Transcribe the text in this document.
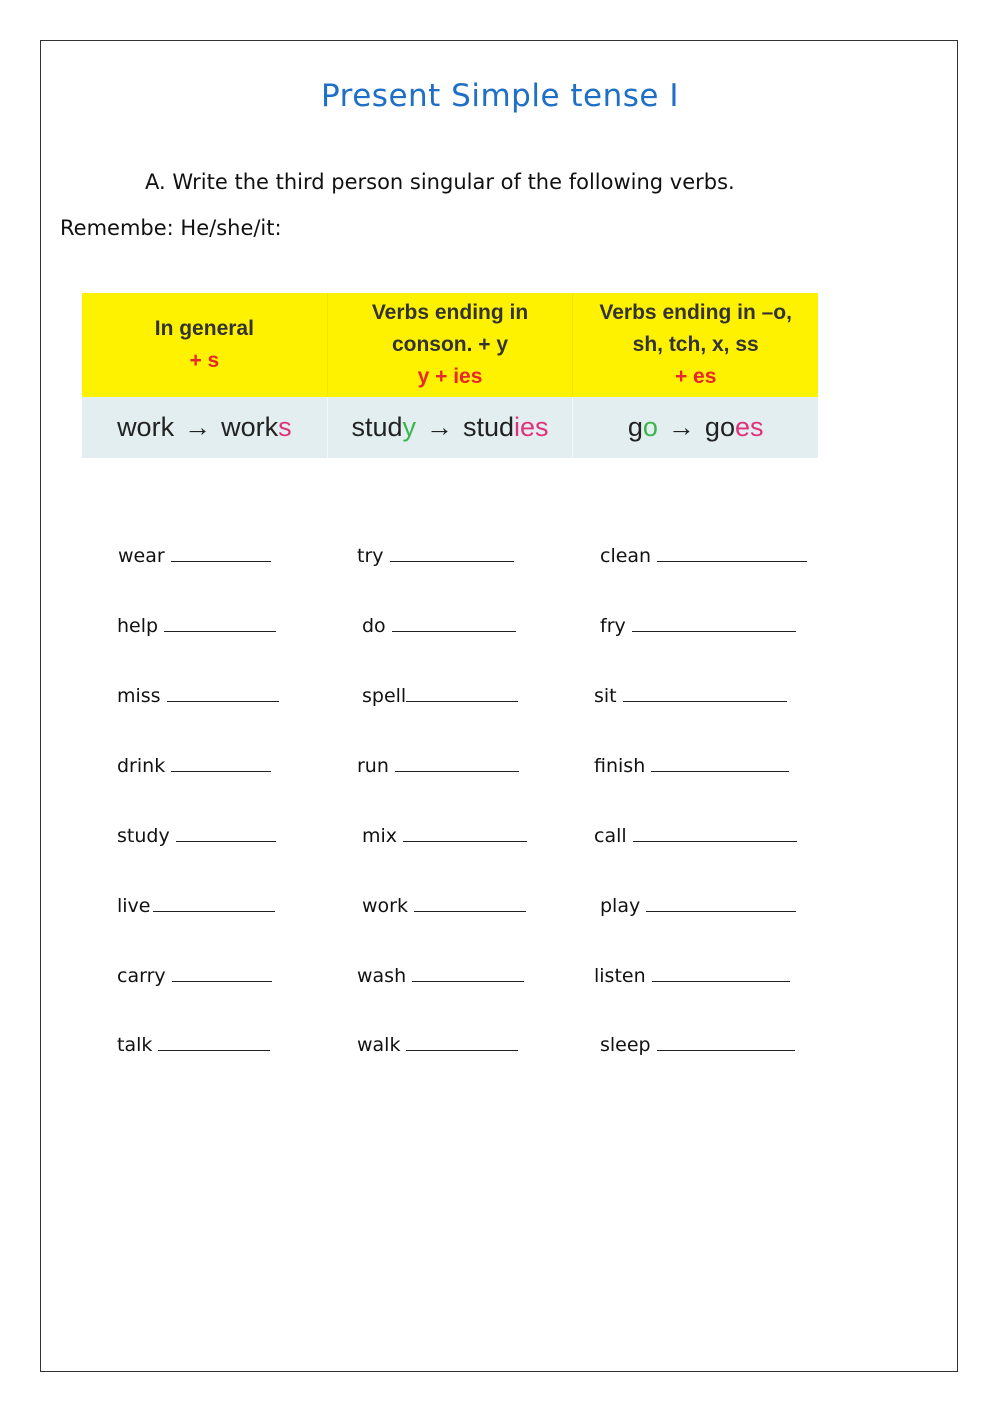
Present Simple tense I
A. Write the third person singular of the following verbs.
Remembe: He/she/it:
In general
+ s
Verbs ending in
conson. + y
y + ies
Verbs ending in –o,
sh, tch, x, ss
+ es
work → work s stud y → stud ies	g o → go es
wear
help
miss
drink
study
live
carry
talk
try
do
spell
run
mix
work
wash
walk
clean
fry
sit
finish
call
play
listen
sleep
